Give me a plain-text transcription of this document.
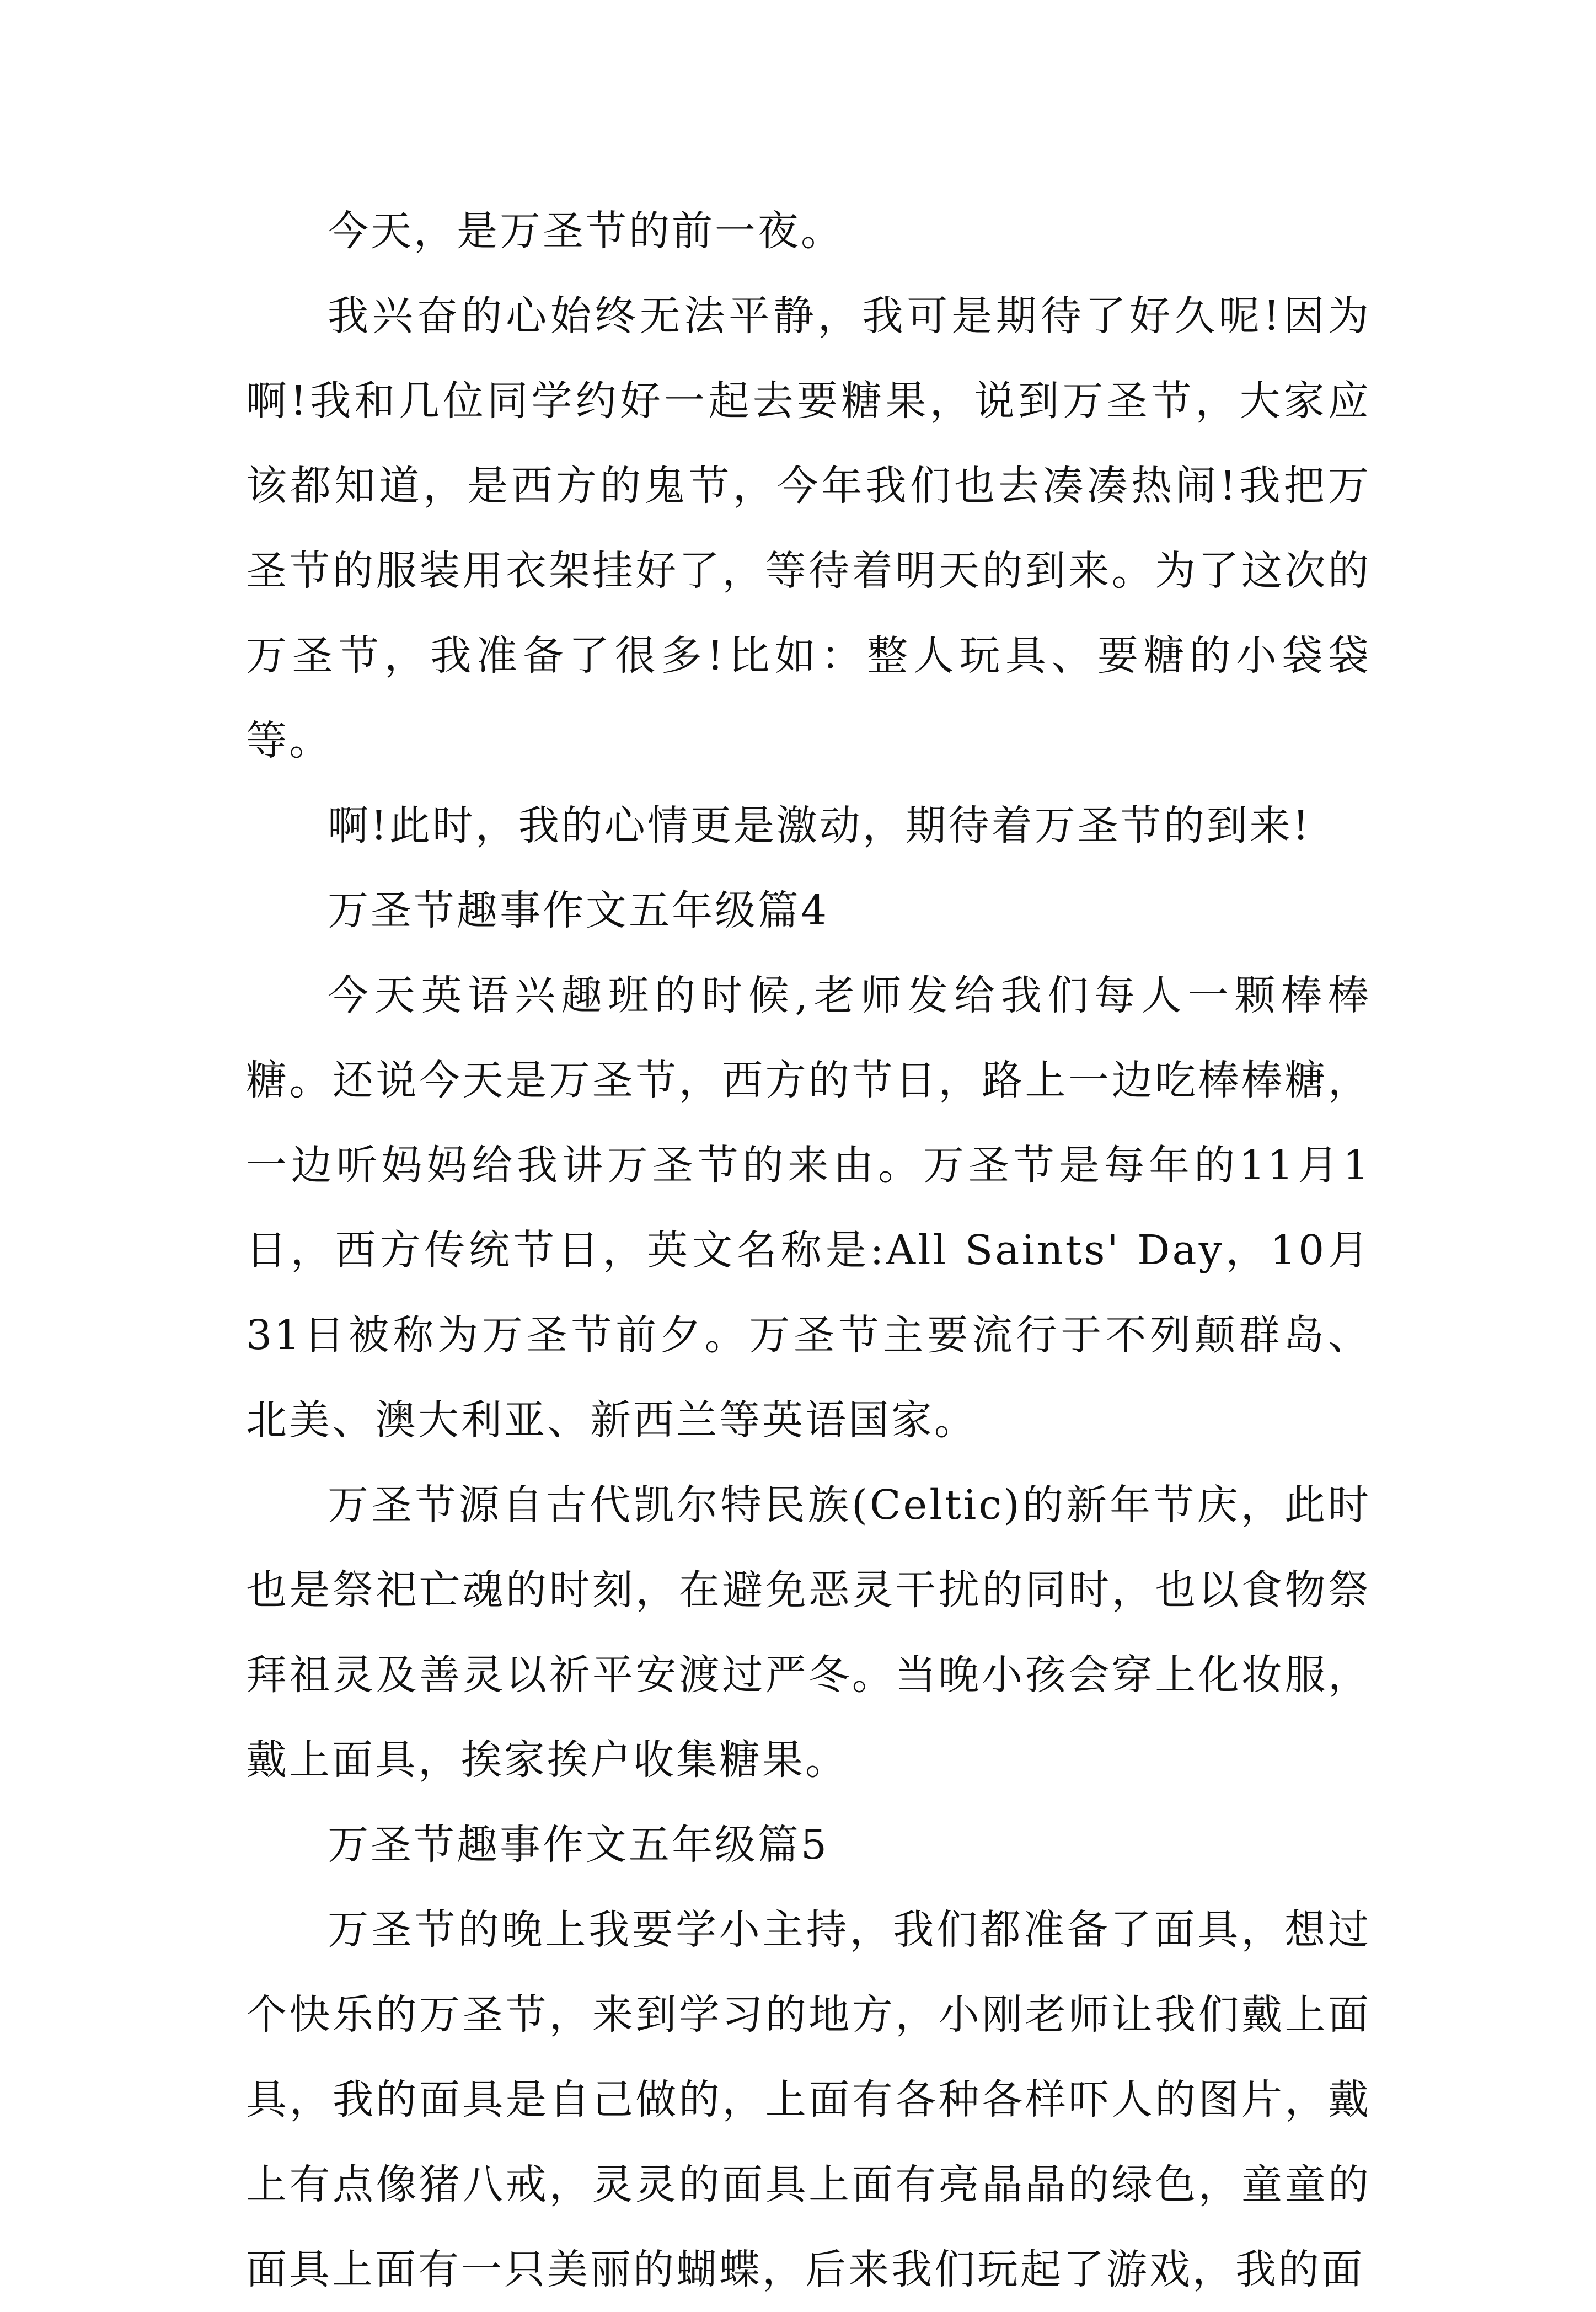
今天，是万圣节的前一夜。

我兴奋的心始终无法平静，我可是期待了好久呢!因为啊!我和几位同学约好一起去要糖果，说到万圣节，大家应该都知道，是西方的鬼节，今年我们也去凑凑热闹!我把万圣节的服装用衣架挂好了，等待着明天的到来。为了这次的万圣节，我准备了很多!比如：整人玩具、要糖的小袋袋等。

啊!此时，我的心情更是激动，期待着万圣节的到来!

万圣节趣事作文五年级篇4

今天英语兴趣班的时候,老师发给我们每人一颗棒棒糖。还说今天是万圣节，西方的节日，路上一边吃棒棒糖，一边听妈妈给我讲万圣节的来由。万圣节是每年的11月1日，西方传统节日，英文名称是:All Saints' Day，10月31日被称为万圣节前夕。万圣节主要流行于不列颠群岛、北美、澳大利亚、新西兰等英语国家。

万圣节源自古代凯尔特民族(Celtic)的新年节庆，此时也是祭祀亡魂的时刻，在避免恶灵干扰的同时，也以食物祭拜祖灵及善灵以祈平安渡过严冬。当晚小孩会穿上化妆服，戴上面具，挨家挨户收集糖果。

万圣节趣事作文五年级篇5

万圣节的晚上我要学小主持，我们都准备了面具，想过个快乐的万圣节，来到学习的地方，小刚老师让我们戴上面具，我的面具是自己做的，上面有各种各样吓人的图片，戴上有点像猪八戒，灵灵的面具上面有亮晶晶的绿色，童童的面具上面有一只美丽的蝴蝶，后来我们玩起了游戏，我的面
